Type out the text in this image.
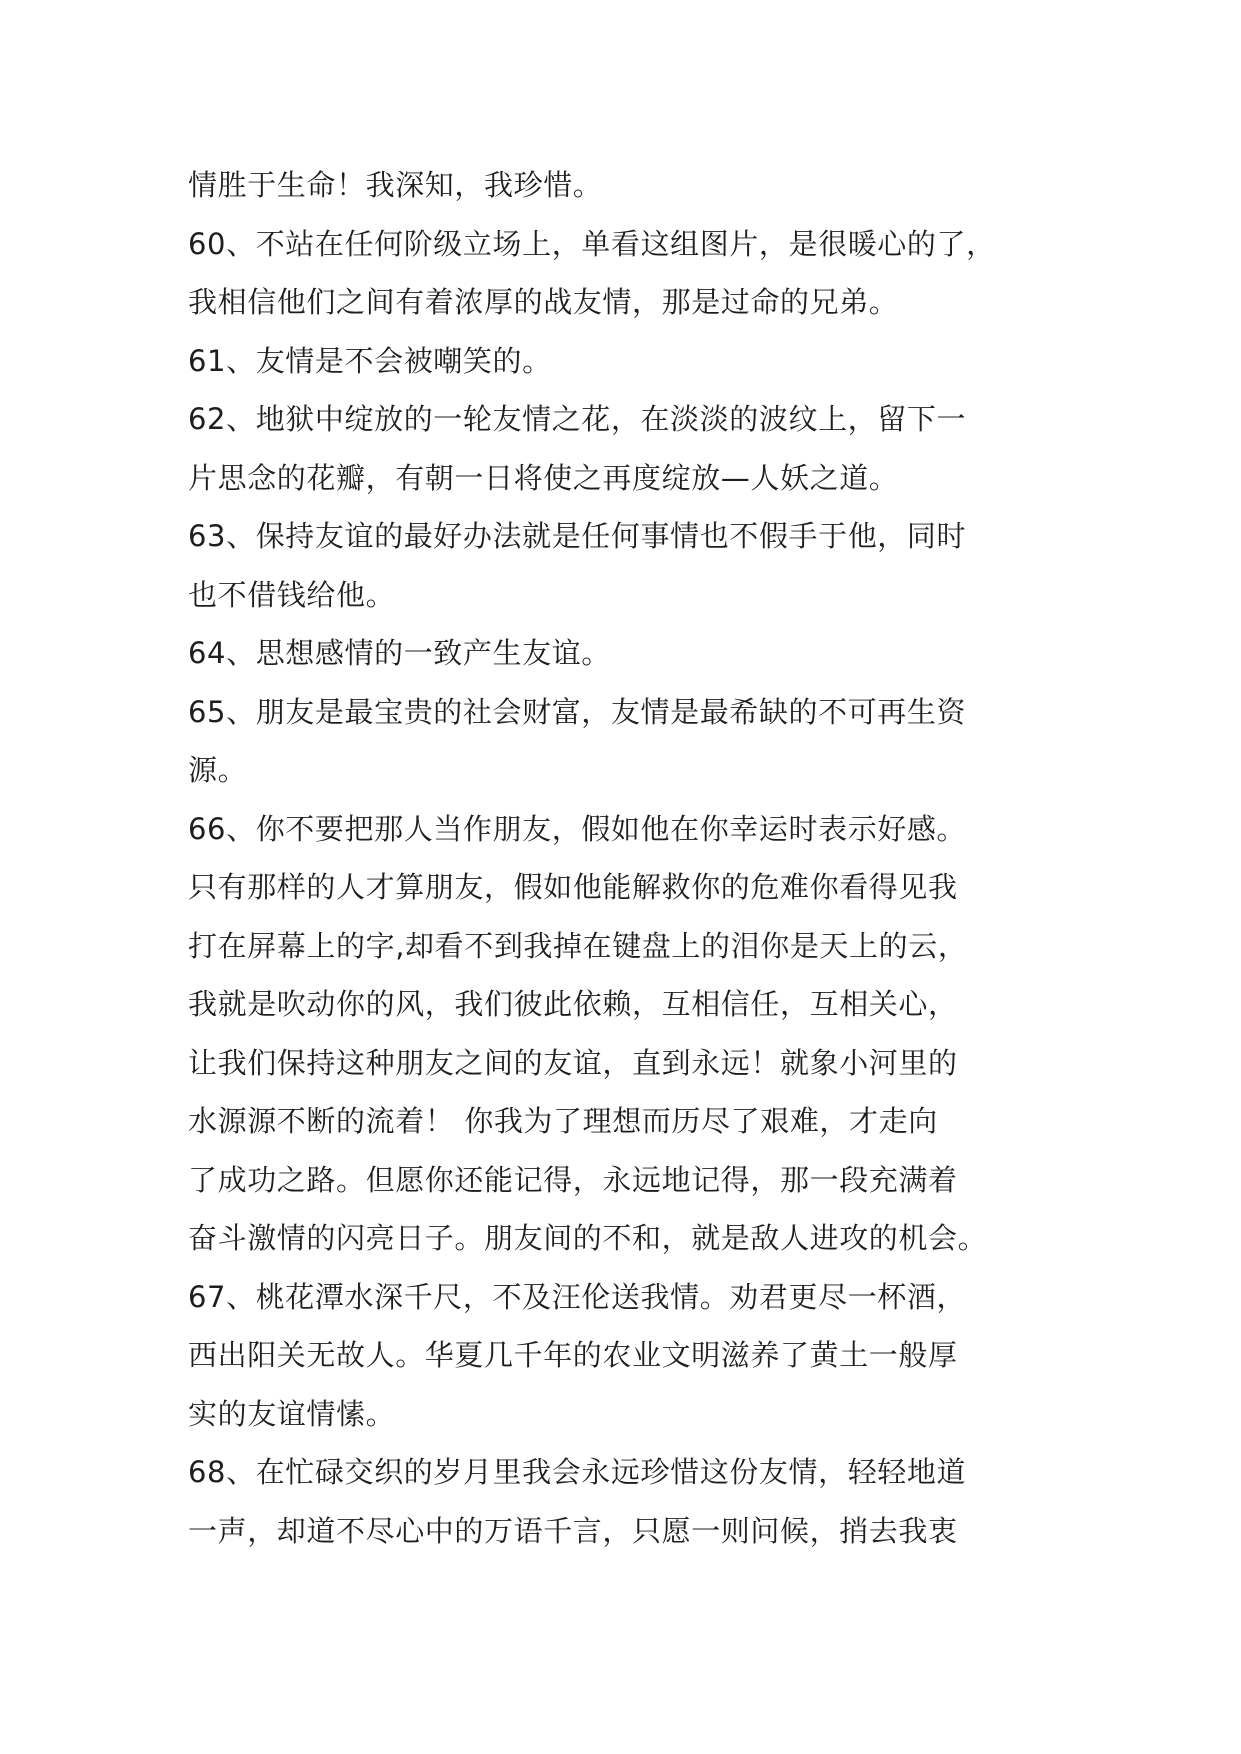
情胜于生命！我深知，我珍惜。
60、不站在任何阶级立场上，单看这组图片，是很暖心的了，
我相信他们之间有着浓厚的战友情，那是过命的兄弟。
61、友情是不会被嘲笑的。
62、地狱中绽放的一轮友情之花，在淡淡的波纹上，留下一
片思念的花瓣，有朝一日将使之再度绽放—人妖之道。
63、保持友谊的最好办法就是任何事情也不假手于他，同时
也不借钱给他。
64、思想感情的一致产生友谊。
65、朋友是最宝贵的社会财富，友情是最希缺的不可再生资
源。
66、你不要把那人当作朋友，假如他在你幸运时表示好感。
只有那样的人才算朋友，假如他能解救你的危难你看得见我
打在屏幕上的字,却看不到我掉在键盘上的泪你是天上的云，
我就是吹动你的风，我们彼此依赖，互相信任，互相关心，
让我们保持这种朋友之间的友谊，直到永远！就象小河里的
水源源不断的流着！ 你我为了理想而历尽了艰难，才走向
了成功之路。但愿你还能记得，永远地记得，那一段充满着
奋斗激情的闪亮日子。朋友间的不和，就是敌人进攻的机会。
67、桃花潭水深千尺，不及汪伦送我情。劝君更尽一杯酒，
西出阳关无故人。华夏几千年的农业文明滋养了黄土一般厚
实的友谊情愫。
68、在忙碌交织的岁月里我会永远珍惜这份友情，轻轻地道
一声，却道不尽心中的万语千言，只愿一则问候，捎去我衷
